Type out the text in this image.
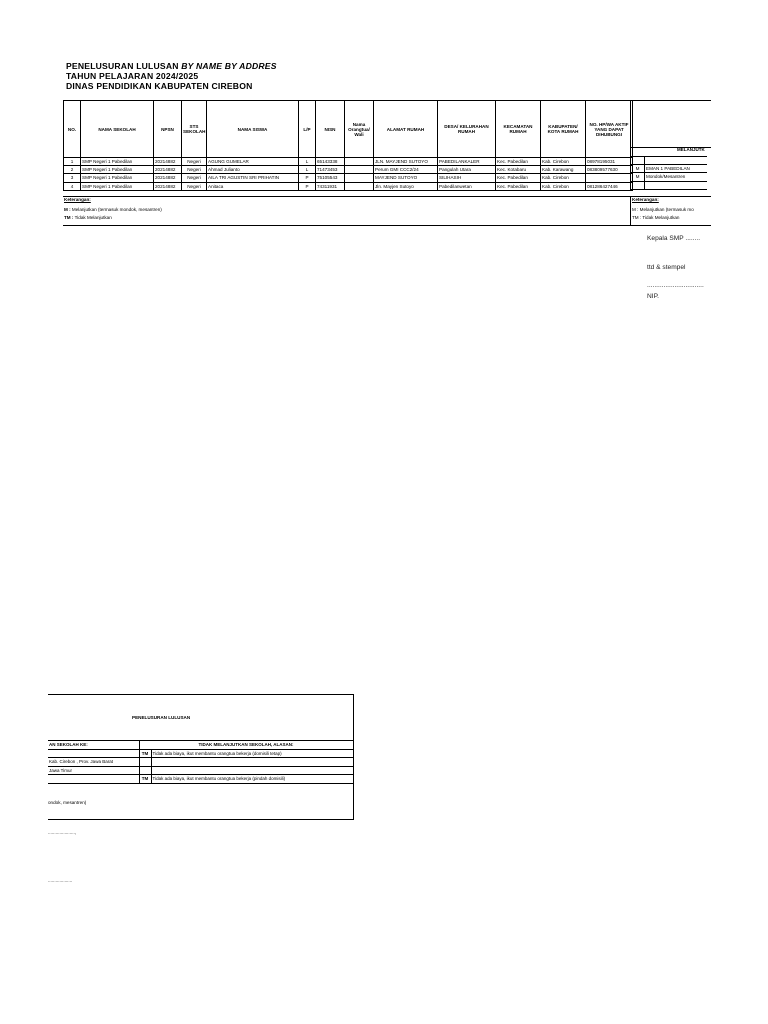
PENELUSURAN LULUSAN BY NAME BY ADDRES
TAHUN PELAJARAN 2024/2025
DINAS PENDIDIKAN KABUPATEN CIREBON
NO.	NAMA SEKOLAH	NPSN	STS SEKOLAH	NAMA SISWA	L/P	NISN	Nama Orangtua/ Wali	ALAMAT RUMAH	DESA/ KELURAHAN RUMAH	KECAMATAN RUMAH	KABUPATEN/ KOTA RUMAH	NO. HP/WA AKTIF YANG DAPAT DIHUBUNGI
1	SMP Negeri 1 Pabedilan	20214882	Negeri	AGUNG GUMELAR	L	65143338		JLN. MAYJEND SUTOYO	PABEDILANKALER	Kec. Pabedilan	Kab. Cirebon	08978195031
2	SMP Negeri 1 Pabedilan	20214882	Negeri	Ahmad Julianto	L	71473453		Perum GMI CCC2/24	Pangulah Utara	Kec. Kotabaru	Kab. Karawang	083809577630
3	SMP Negeri 1 Pabedilan	20214882	Negeri	AILA TRI AGUSTIN SRI PRIHATIN	P	75105543		MAYJEND SUTOYO	SILIHASIH	Kec. Pabedilan	Kab. Cirebon	
4	SMP Negeri 1 Pabedilan	20214882	Negeri	Anitaca	P	74311931		Jln. Mayjen Sutoyo	Pabedilanwetan	Kec. Pabedilan	Kab. Cirebon	081286427446
Keterangan:
M : Melanjutkan (termasuk mondok, mesantren)
TM : Tidak Melanjutkan
MELANJUTK

M	EMAN 1 PABEDILAN
M	Mondok/Mesantren

Keterangan:
M : Melanjutkan (termasuk mo
TM : Tidak Melanjutkan
Kepala SMP ........
ttd & stempel
...............................
NIP.
PENELUSURAN LULUSAN
AN SEKOLAH KE:	TIDAK MELANJUTKAN SEKOLAH, ALASAN:	
	TM	Tidak ada biaya, ikut membantu orangtua bekerja (domisili tetap)
Kab. Cirebon , Prov. Jawa Barat		
Jawa Timur		
	TM	Tidak ada biaya, ikut membantu orangtua bekerja (pindah domisili)
ondok, mesantren)
.....................,
...................
